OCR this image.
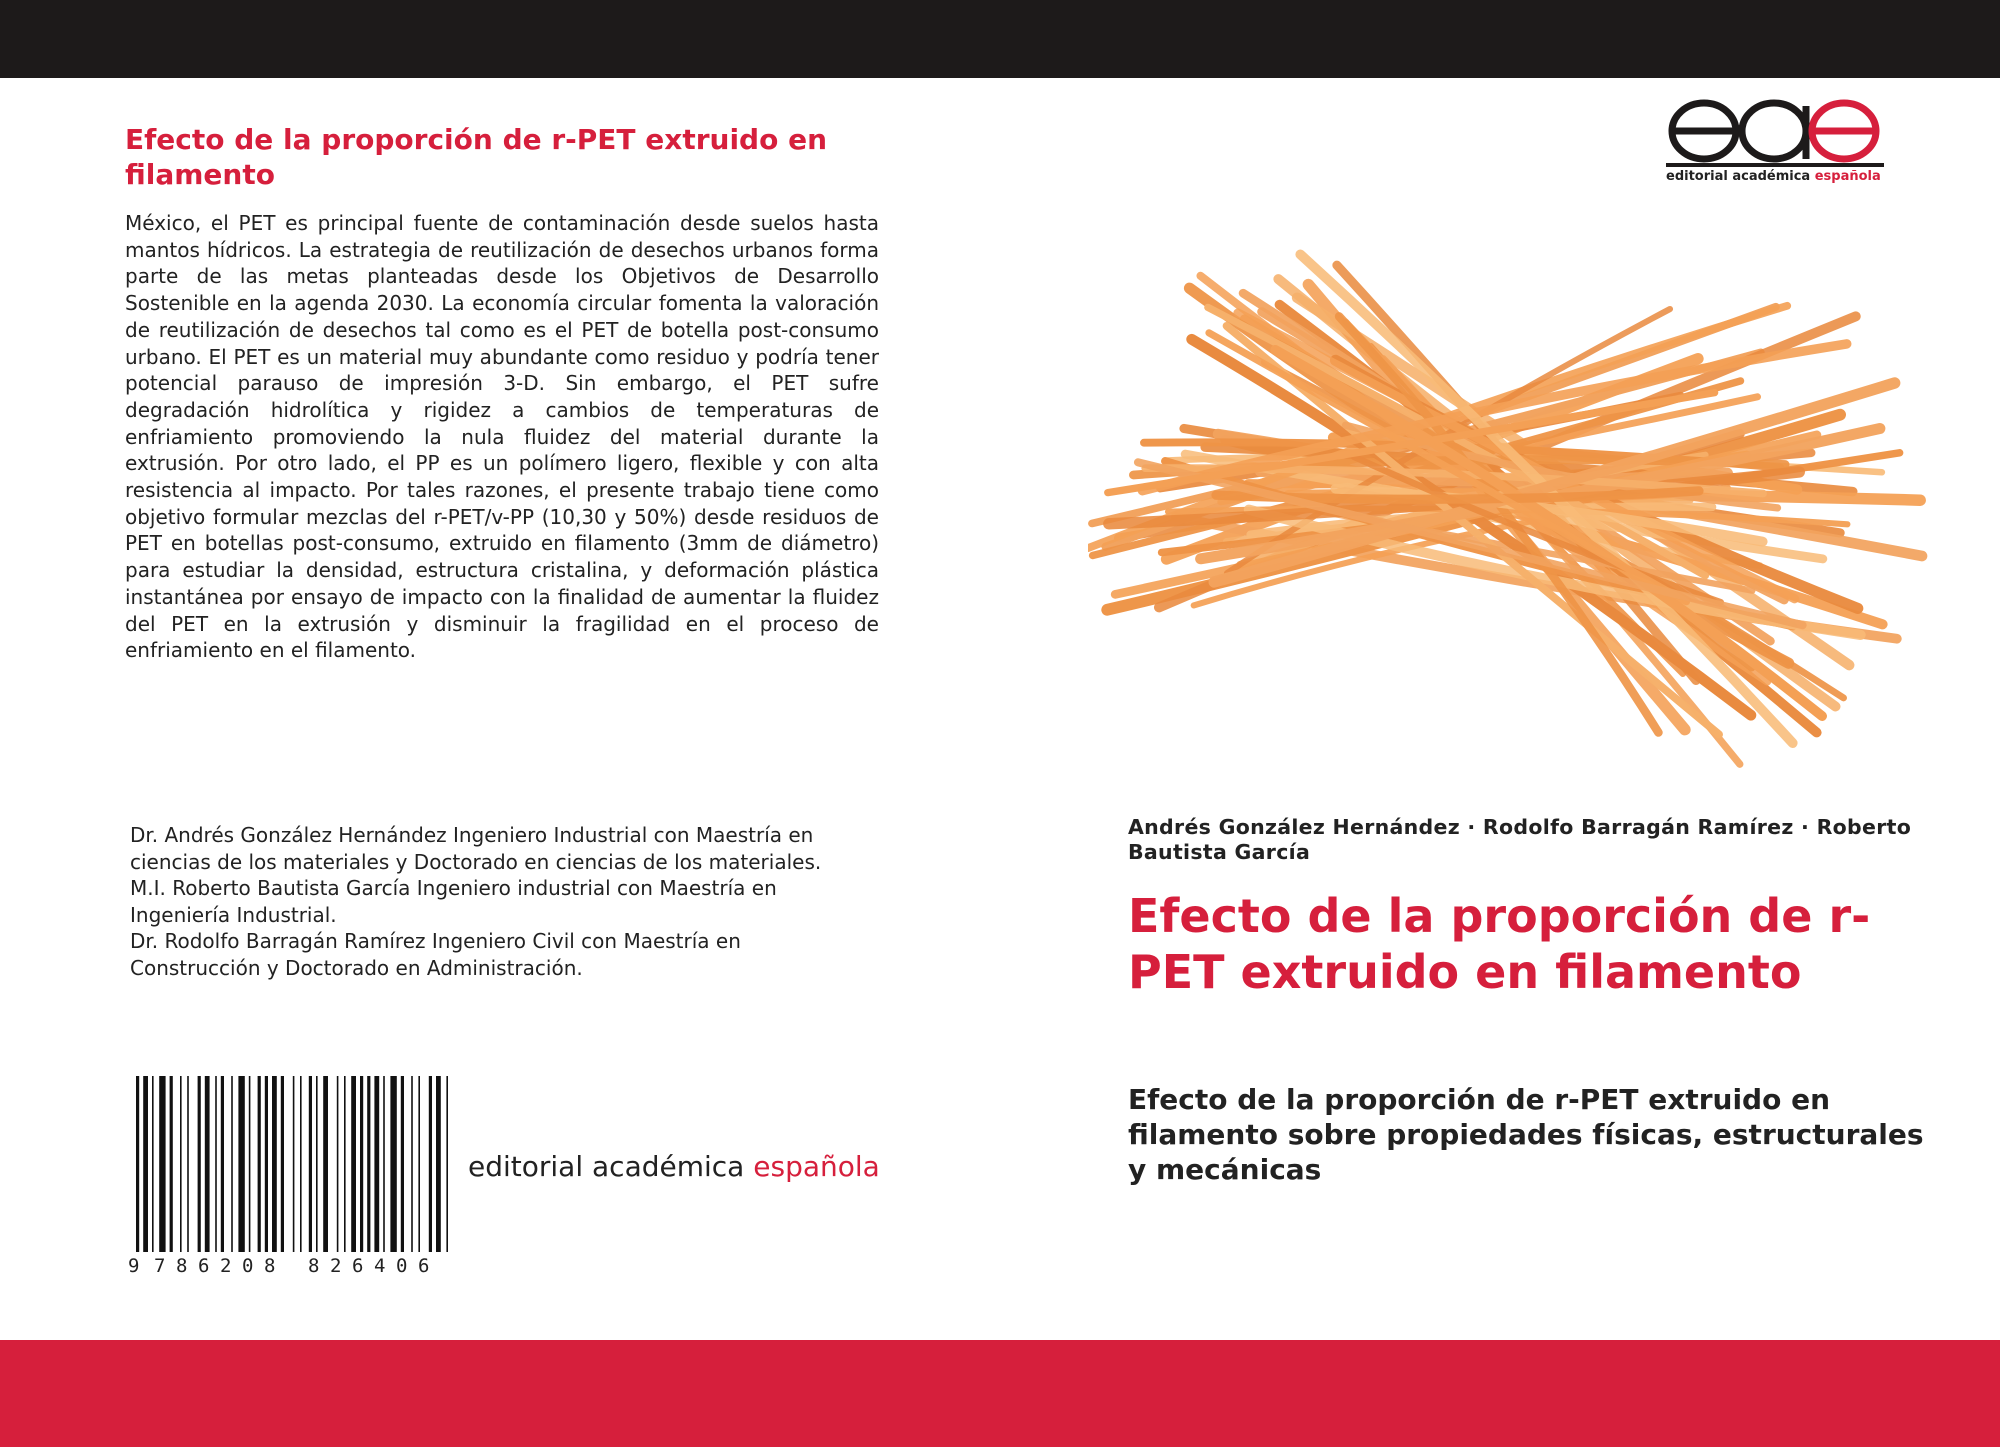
Efecto de la proporción de r-PET extruido en filamento

México, el PET es principal fuente de contaminación desde suelos hasta mantos hídricos. La estrategia de reutilización de desechos urbanos forma parte de las metas planteadas desde los Objetivos de Desarrollo Sostenible en la agenda 2030. La economía circular fomenta la valoración de reutilización de desechos tal como es el PET de botella post-consumo urbano. El PET es un material muy abundante como residuo y podría tener potencial parauso de impresión 3-D. Sin embargo, el PET sufre degradación hidrolítica y rigidez a cambios de temperaturas de enfriamiento promoviendo la nula fluidez del material durante la extrusión. Por otro lado, el PP es un polímero ligero, flexible y con alta resistencia al impacto. Por tales razones, el presente trabajo tiene como objetivo formular mezclas del r-PET/v-PP (10,30 y 50%) desde residuos de PET en botellas post-consumo, extruido en filamento (3mm de diámetro) para estudiar la densidad, estructura cristalina, y deformación plástica instantánea por ensayo de impacto con la finalidad de aumentar la fluidez del PET en la extrusión y disminuir la fragilidad en el proceso de enfriamiento en el filamento.

Dr. Andrés González Hernández Ingeniero Industrial con Maestría en ciencias de los materiales y Doctorado en ciencias de los materiales.

M.I. Roberto Bautista García Ingeniero industrial con Maestría en Ingeniería Industrial.

Dr. Rodolfo Barragán Ramírez Ingeniero Civil con Maestría en Construcción y Doctorado en Administración.

9 7 8 6 2 0 8 8 2 6 4 0 6
editorial académica española
editorial académica española
Andrés González Hernández · Rodolfo Barragán Ramírez · Roberto Bautista García
Efecto de la proporción de r-PET extruido en filamento
Efecto de la proporción de r-PET extruido en filamento sobre propiedades físicas, estructurales y mecánicas
